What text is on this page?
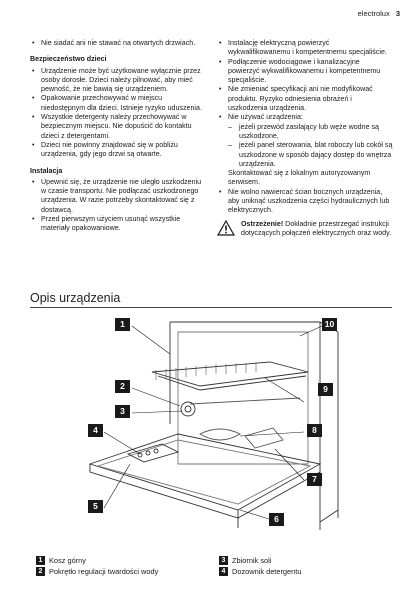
electrolux 3
• Nie siadać ani nie stawać na otwartych drzwiach.
Bezpieczeństwo dzieci
• Urządzenie może być użytkowane wyłącznie przez osoby dorosłe. Dzieci należy pilnować, aby mieć pewność, że nie bawią się urządzeniem.
• Opakowanie przechowywać w miejscu niedostępnym dla dzieci. Istnieje ryzyko uduszenia.
• Wszystkie detergenty należy przechowywać w bezpiecznym miejscu. Nie dopuścić do kontaktu dzieci z detergentami.
• Dzieci nie powinny znajdować się w pobliżu urządzenia, gdy jego drzwi są otwarte.
Instalacja
• Upewnić się, że urządzenie nie uległo uszkodzeniu w czasie transportu. Nie podłączać uszkodzonego urządzenia. W razie potrzeby skontaktować się z dostawcą.
• Przed pierwszym użyciem usunąć wszystkie materiały opakowaniowe.
• Instalację elektryczną powierzyć wykwalifikowanemu i kompetentnemu specjaliście.
• Podłączenie wodociągowe i kanalizacyjne powierzyć wykwalifikowanemu i kompetentnemu specjaliście.
• Nie zmieniać specyfikacji ani nie modyfikować produktu. Ryzyko odniesienia obrażeń i uszkodzenia urządzenia.
• Nie używać urządzenia:
– jeżeli przewód zasilający lub węże wodne są uszkodzone,
– jeżeli panel sterowania, blat roboczy lub cokół są uszkodzone w sposób dający dostęp do wnętrza urządzenia.
Skontaktować się z lokalnym autoryzowanym serwisem.
• Nie wolno nawiercać ścian bocznych urządzenia, aby uniknąć uszkodzenia części hydraulicznych lub elektrycznych.
Ostrzeżenie! Dokładnie przestrzegać instrukcji dotyczących połączeń elektrycznych oraz wody.
Opis urządzenia
1
2
3
4
5
6
7
8
9
10
1 Kosz górny
2 Pokrętło regulacji twardości wody
3 Zbiornik soli
4 Dozownik detergentu
